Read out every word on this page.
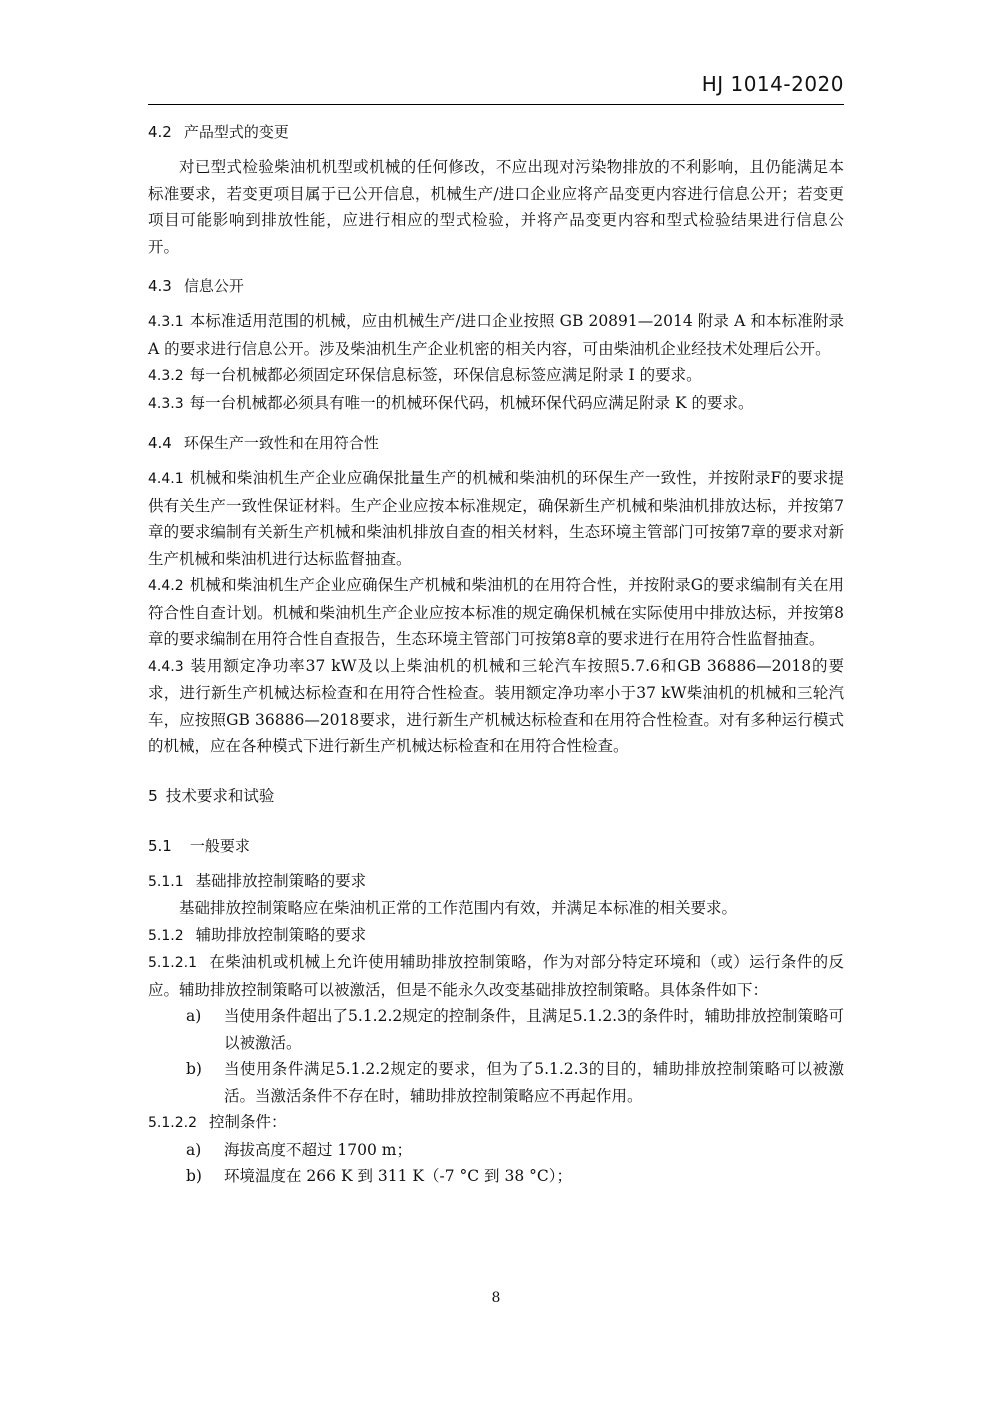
HJ 1014-2020

4.2 产品型式的变更

对已型式检验柴油机机型或机械的任何修改，不应出现对污染物排放的不利影响，且仍能满足本标准要求，若变更项目属于已公开信息，机械生产/进口企业应将产品变更内容进行信息公开；若变更项目可能影响到排放性能，应进行相应的型式检验，并将产品变更内容和型式检验结果进行信息公开。

4.3 信息公开

4.3.1 本标准适用范围的机械，应由机械生产/进口企业按照 GB 20891—2014 附录 A 和本标准附录 A 的要求进行信息公开。涉及柴油机生产企业机密的相关内容，可由柴油机企业经技术处理后公开。

4.3.2 每一台机械都必须固定环保信息标签，环保信息标签应满足附录 I 的要求。

4.3.3 每一台机械都必须具有唯一的机械环保代码，机械环保代码应满足附录 K 的要求。

4.4 环保生产一致性和在用符合性

4.4.1 机械和柴油机生产企业应确保批量生产的机械和柴油机的环保生产一致性，并按附录F的要求提供有关生产一致性保证材料。生产企业应按本标准规定，确保新生产机械和柴油机排放达标，并按第7章的要求编制有关新生产机械和柴油机排放自查的相关材料，生态环境主管部门可按第7章的要求对新生产机械和柴油机进行达标监督抽查。

4.4.2 机械和柴油机生产企业应确保生产机械和柴油机的在用符合性，并按附录G的要求编制有关在用符合性自查计划。机械和柴油机生产企业应按本标准的规定确保机械在实际使用中排放达标，并按第8章的要求编制在用符合性自查报告，生态环境主管部门可按第8章的要求进行在用符合性监督抽查。

4.4.3 装用额定净功率37 kW及以上柴油机的机械和三轮汽车按照5.7.6和GB 36886—2018的要求，进行新生产机械达标检查和在用符合性检查。装用额定净功率小于37 kW柴油机的机械和三轮汽车，应按照GB 36886—2018要求，进行新生产机械达标检查和在用符合性检查。对有多种运行模式的机械，应在各种模式下进行新生产机械达标检查和在用符合性检查。

5 技术要求和试验

5.1 一般要求

5.1.1 基础排放控制策略的要求

基础排放控制策略应在柴油机正常的工作范围内有效，并满足本标准的相关要求。

5.1.2 辅助排放控制策略的要求

5.1.2.1 在柴油机或机械上允许使用辅助排放控制策略，作为对部分特定环境和（或）运行条件的反应。辅助排放控制策略可以被激活，但是不能永久改变基础排放控制策略。具体条件如下：

a) 当使用条件超出了5.1.2.2规定的控制条件，且满足5.1.2.3的条件时，辅助排放控制策略可以被激活。
b) 当使用条件满足5.1.2.2规定的要求，但为了5.1.2.3的目的，辅助排放控制策略可以被激活。当激活条件不存在时，辅助排放控制策略应不再起作用。

5.1.2.2 控制条件：

a) 海拔高度不超过 1700 m；
b) 环境温度在 266 K 到 311 K（-7 °C 到 38 °C）；
8
